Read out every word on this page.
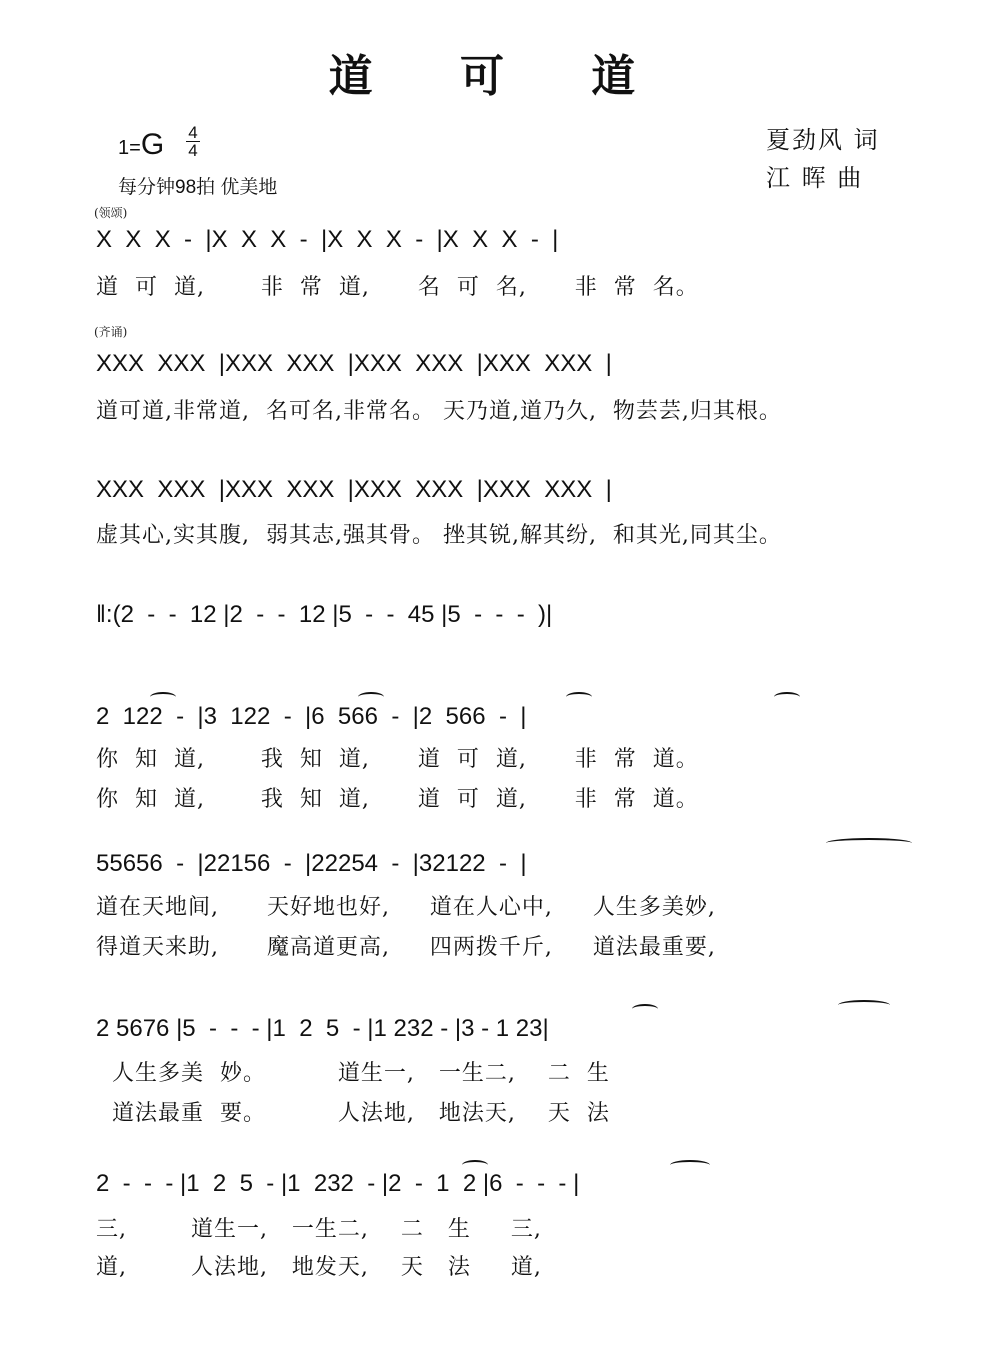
道 可 道
1=G 4
4
每分钟98拍 优美地
夏劲风 词
江 晖 曲
(领颂)
X  X  X  -  |X  X  X  -  |X  X  X  -  |X  X  X  -  |
道  可  道,       非  常  道,      名  可  名,      非  常  名。
(齐诵)
XXX  XXX  |XXX  XXX  |XXX  XXX  |XXX  XXX  |
道可道,非常道,  名可名,非常名。 天乃道,道乃久,  物芸芸,归其根。
XXX  XXX  |XXX  XXX  |XXX  XXX  |XXX  XXX  |
虚其心,实其腹,  弱其志,强其骨。 挫其锐,解其纷,  和其光,同其尘。
‖:(2  -  -  12 |2  -  -  12 |5  -  -  45 |5  -  -  -  )|
2  122  -  |3  122  -  |6  566  -  |2  566  -  |
你  知  道,       我  知  道,      道  可  道,      非  常  道。
你  知  道,       我  知  道,      道  可  道,      非  常  道。
55656  -  |22156  -  |22254  -  |32122  -  |
道在天地间,      天好地也好,     道在人心中,     人生多美妙,
得道天来助,      魔高道更高,     四两拨千斤,     道法最重要,
2 5676 |5  -  -  - |1  2  5  - |1 232 - |3 - 1 23|
人生多美  妙。         道生一,   一生二,    二  生
道法最重  要。         人法地,   地法天,    天  法
2  -  -  - |1  2  5  - |1  232  - |2  -  1  2 |6  -  -  - |
三,        道生一,   一生二,    二   生     三,
道,        人法地,   地发天,    天   法     道,
